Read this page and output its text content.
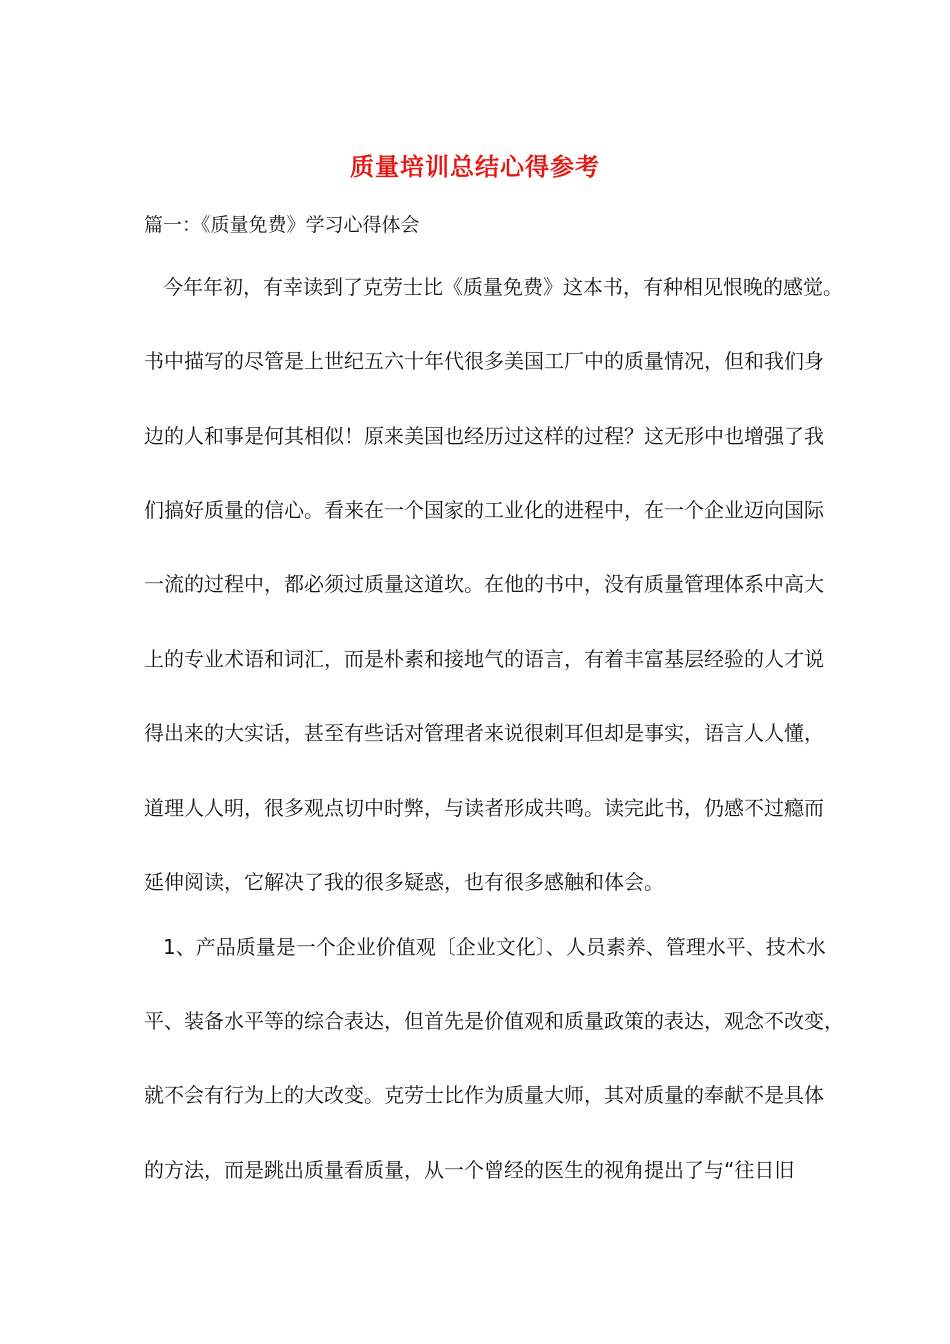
质量培训总结心得参考
篇一：《质量免费》学习心得体会
今年年初，有幸读到了克劳士比《质量免费》这本书，有种相见恨晚的感觉。
书中描写的尽管是上世纪五六十年代很多美国工厂中的质量情况，但和我们身
边的人和事是何其相似！原来美国也经历过这样的过程？这无形中也增强了我
们搞好质量的信心。看来在一个国家的工业化的进程中，在一个企业迈向国际
一流的过程中，都必须过质量这道坎。在他的书中，没有质量管理体系中高大
上的专业术语和词汇，而是朴素和接地气的语言，有着丰富基层经验的人才说
得出来的大实话，甚至有些话对管理者来说很刺耳但却是事实，语言人人懂，
道理人人明，很多观点切中时弊，与读者形成共鸣。读完此书，仍感不过瘾而
延伸阅读，它解决了我的很多疑惑，也有很多感触和体会。
1、产品质量是一个企业价值观〔企业文化〕、人员素养、管理水平、技术水
平、装备水平等的综合表达，但首先是价值观和质量政策的表达，观念不改变，
就不会有行为上的大改变。克劳士比作为质量大师，其对质量的奉献不是具体
的方法，而是跳出质量看质量，从一个曾经的医生的视角提出了与“往日旧
